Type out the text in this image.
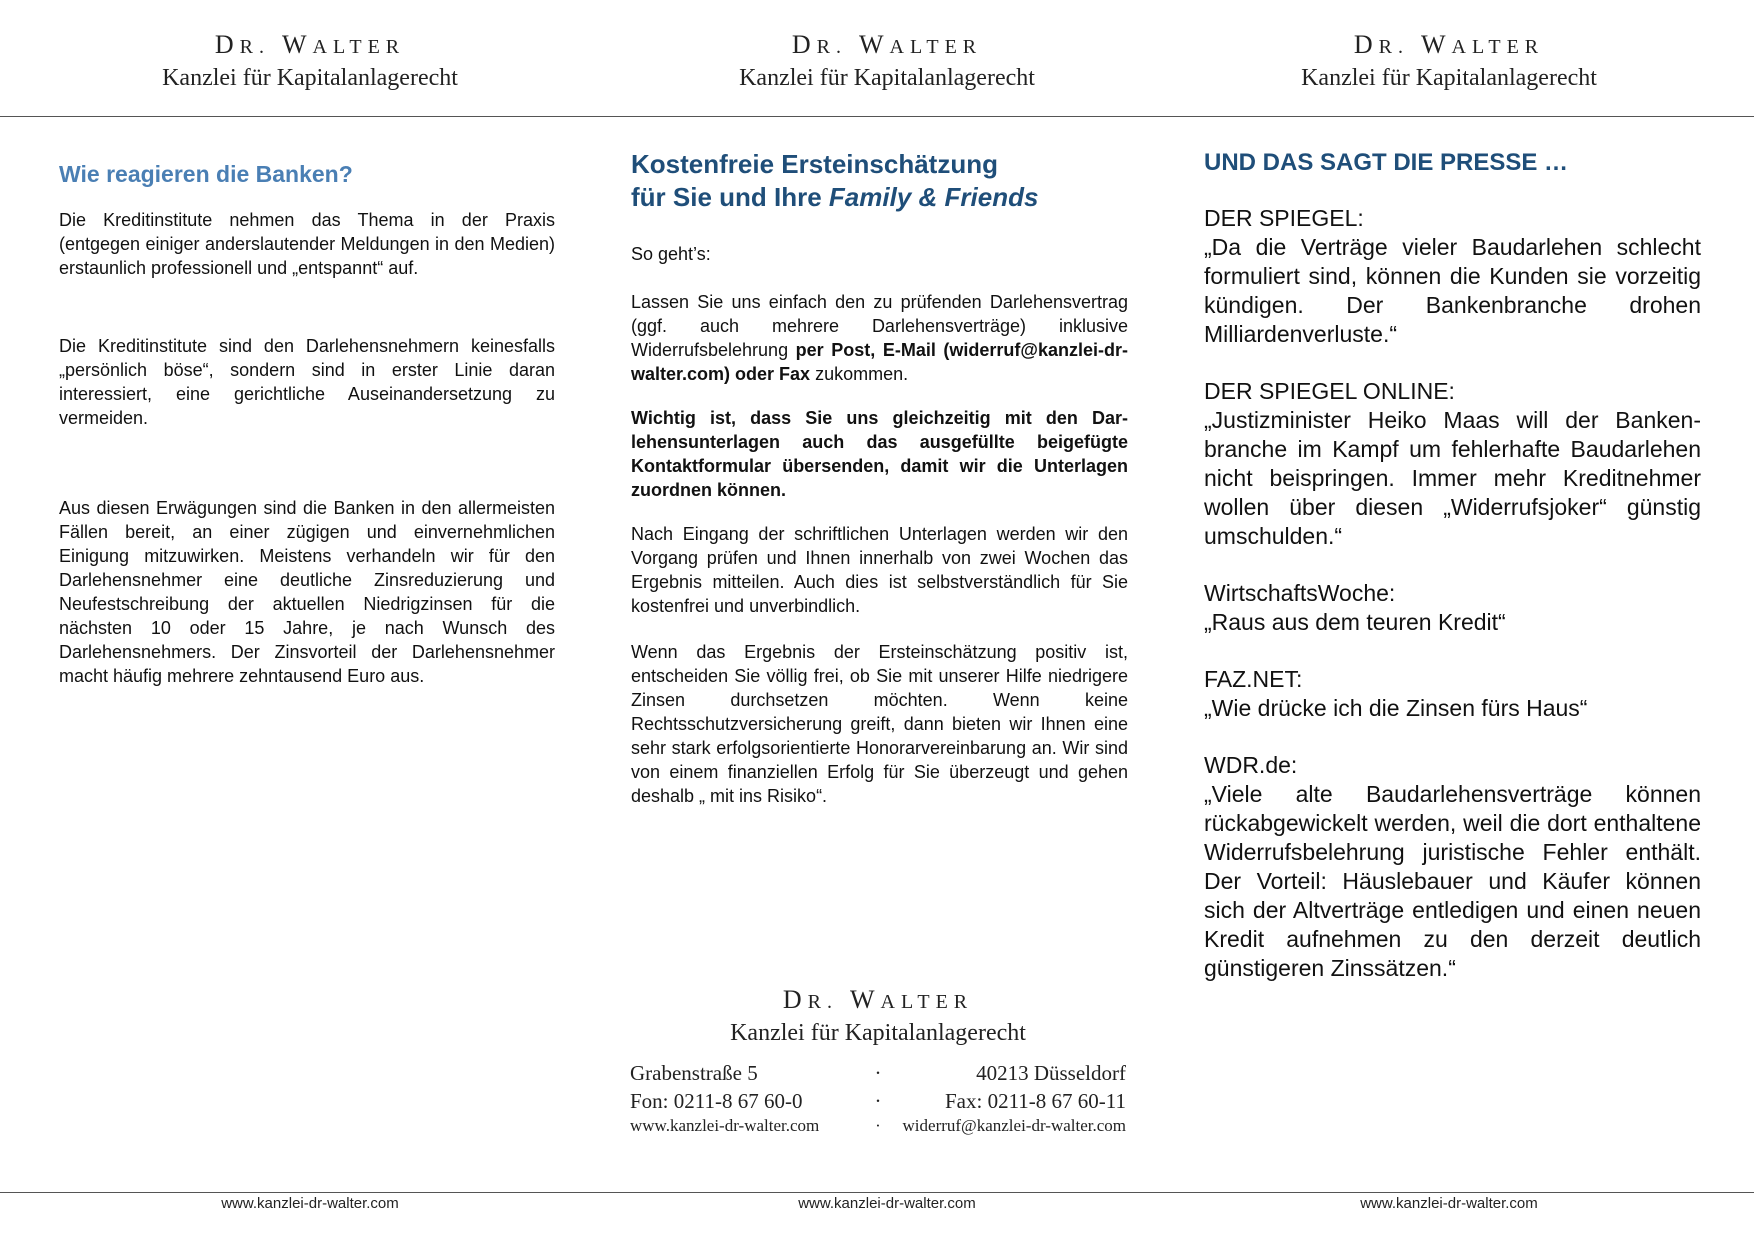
DR. WALTER
Kanzlei für Kapitalanlagerecht
DR. WALTER
Kanzlei für Kapitalanlagerecht
DR. WALTER
Kanzlei für Kapitalanlagerecht
Wie reagieren die Banken?

Die Kreditinstitute nehmen das Thema in der Praxis (entgegen einiger anderslautender Meldungen in den Medien) erstaunlich professionell und „entspannt“ auf.

Die Kreditinstitute sind den Darlehensnehmern keinesfalls „persönlich böse“, sondern sind in erster Linie daran interessiert, eine gerichtliche Auseinandersetzung zu vermeiden.

Aus diesen Erwägungen sind die Banken in den allermeisten Fällen bereit, an einer zügigen und einvernehmlichen Einigung mitzuwirken. Meistens verhandeln wir für den Darlehensnehmer eine deutliche Zinsreduzierung und Neufestschreibung der aktuellen Niedrigzinsen für die nächsten 10 oder 15 Jahre, je nach Wunsch des Darlehensnehmers. Der Zinsvorteil der Darlehensnehmer macht häufig mehrere zehntausend Euro aus.

Kostenfreie Ersteinschätzung
für Sie und Ihre Family & Friends

So geht’s:

Lassen Sie uns einfach den zu prüfenden Darlehensvertrag (ggf. auch mehrere Darlehensverträge) inklusive Widerrufsbelehrung per Post, E-Mail (widerruf@kanzlei-dr-walter.com) oder Fax zukommen.

Wichtig ist, dass Sie uns gleichzeitig mit den Darlehensunterlagen auch das ausgefüllte beigefügte Kontaktformular übersenden, damit wir die Unterlagen zuordnen können.

Nach Eingang der schriftlichen Unterlagen werden wir den Vorgang prüfen und Ihnen innerhalb von zwei Wochen das Ergebnis mitteilen. Auch dies ist selbstverständlich für Sie kostenfrei und unverbindlich.

Wenn das Ergebnis der Ersteinschätzung positiv ist, entscheiden Sie völlig frei, ob Sie mit unserer Hilfe niedrigere Zinsen durchsetzen möchten. Wenn keine Rechtsschutzversicherung greift, dann bieten wir Ihnen eine sehr stark erfolgsorientierte Honorarvereinbarung an. Wir sind von einem finanziellen Erfolg für Sie überzeugt und gehen deshalb „ mit ins Risiko“.

DR. WALTER
Kanzlei für Kapitalanlagerecht
Grabenstraße 5	·	40213 Düsseldorf
Fon: 0211-8 67 60-0	·	Fax: 0211-8 67 60-11
www.kanzlei-dr-walter.com	·	widerruf@kanzlei-dr-walter.com
UND DAS SAGT DIE PRESSE …

DER SPIEGEL:

„Da die Verträge vieler Baudarlehen schlecht formuliert sind, können die Kunden sie vorzeitig kündigen. Der Bankenbranche drohen Milliardenverluste.“

DER SPIEGEL ONLINE:

„Justizminister Heiko Maas will der Bankenbranche im Kampf um fehlerhafte Baudarlehen nicht beispringen. Immer mehr Kreditnehmer wollen über diesen „Widerrufsjoker“ günstig umschulden.“

WirtschaftsWoche:

„Raus aus dem teuren Kredit“

FAZ.NET:

„Wie drücke ich die Zinsen fürs Haus“

WDR.de:

„Viele alte Baudarlehensverträge können rückabgewickelt werden, weil die dort enthaltene Widerrufsbelehrung juristische Fehler enthält. Der Vorteil: Häuslebauer und Käufer können sich der Altverträge entledigen und einen neuen Kredit aufnehmen zu den derzeit deutlich günstigeren Zinssätzen.“

www.kanzlei-dr-walter.com	www.kanzlei-dr-walter.com	www.kanzlei-dr-walter.com
